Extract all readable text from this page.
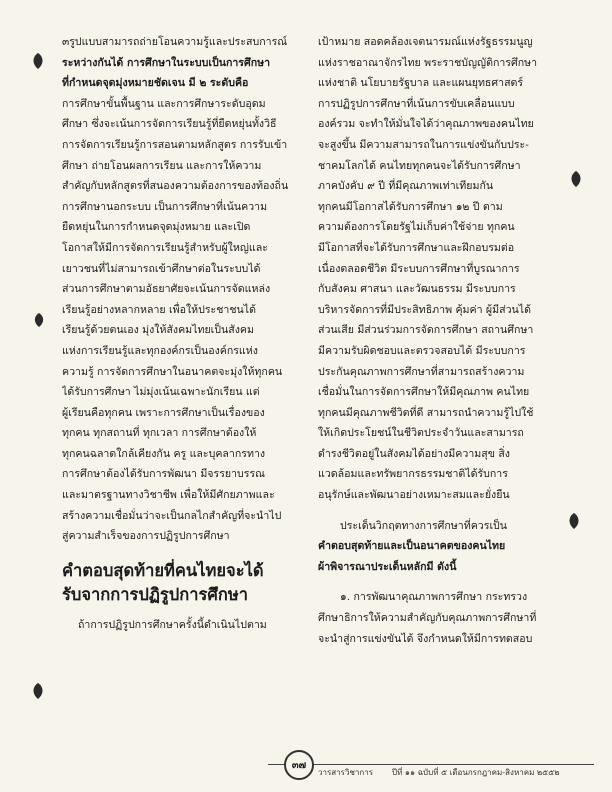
๓รูปแบบสามารถถ่ายโอนความรู้และประสบการณ์
ระหว่างกันได้ การศึกษาในระบบเป็นการศึกษา
ที่กำหนดจุดมุ่งหมายชัดเจน มี ๒ ระดับคือ
การศึกษาขั้นพื้นฐาน และการศึกษาระดับอุดม
ศึกษา ซึ่งจะเน้นการจัดการเรียนรู้ที่ยืดหยุ่นทั้งวิธี
การจัดการเรียนรู้การสอนตามหลักสูตร การรับเข้า
ศึกษา ถ่ายโอนผลการเรียน และการให้ความ
สำคัญกับหลักสูตรที่สนองความต้องการของท้องถิ่น
การศึกษานอกระบบ เป็นการศึกษาที่เน้นความ
ยืดหยุ่นในการกำหนดจุดมุ่งหมาย และเปิด
โอกาสให้มีการจัดการเรียนรู้สำหรับผู้ใหญ่และ
เยาวชนที่ไม่สามารถเข้าศึกษาต่อในระบบได้
ส่วนการศึกษาตามอัธยาศัยจะเน้นการจัดแหล่ง
เรียนรู้อย่างหลากหลาย เพื่อให้ประชาชนได้
เรียนรู้ด้วยตนเอง มุ่งให้สังคมไทยเป็นสังคม
แห่งการเรียนรู้และทุกองค์กรเป็นองค์กรแห่ง
ความรู้ การจัดการศึกษาในอนาคตจะมุ่งให้ทุกคน
ได้รับการศึกษา ไม่มุ่งเน้นเฉพาะนักเรียน แต่
ผู้เรียนคือทุกคน เพราะการศึกษาเป็นเรื่องของ
ทุกคน ทุกสถานที่ ทุกเวลา การศึกษาต้องให้
ทุกคนฉลาดใกล้เคียงกัน ครู และบุคลากรทาง
การศึกษาต้องได้รับการพัฒนา มีจรรยาบรรณ
และมาตรฐานทางวิชาชีพ เพื่อให้มีศักยภาพและ
สร้างความเชื่อมั่นว่าจะเป็นกลไกสำคัญที่จะนำไป
สู่ความสำเร็จของการปฏิรูปการศึกษา
คำตอบสุดท้ายที่คนไทยจะได้
รับจากการปฏิรูปการศึกษา
ถ้าการปฏิรูปการศึกษาครั้งนี้ดำเนินไปตาม
เป้าหมาย สอดคล้องเจตนารมณ์แห่งรัฐธรรมนูญ
แห่งราชอาณาจักรไทย พระราชบัญญัติการศึกษา
แห่งชาติ นโยบายรัฐบาล และแผนยุทธศาสตร์
การปฏิรูปการศึกษาที่เน้นการขับเคลื่อนแบบ
องค์รวม จะทำให้มั่นใจได้ว่าคุณภาพของคนไทย
จะสูงขึ้น มีความสามารถในการแข่งขันกับประ-
ชาคมโลกได้ คนไทยทุกคนจะได้รับการศึกษา
ภาคบังคับ ๙ ปี ที่มีคุณภาพเท่าเทียมกัน
ทุกคนมีโอกาสได้รับการศึกษา ๑๒ ปี ตาม
ความต้องการโดยรัฐไม่เก็บค่าใช้จ่าย ทุกคน
มีโอกาสที่จะได้รับการศึกษาและฝึกอบรมต่อ
เนื่องตลอดชีวิต มีระบบการศึกษาที่บูรณาการ
กับสังคม ศาสนา และวัฒนธรรม มีระบบการ
บริหารจัดการที่มีประสิทธิภาพ คุ้มค่า ผู้มีส่วนได้
ส่วนเสีย มีส่วนร่วมการจัดการศึกษา สถานศึกษา
มีความรับผิดชอบและตรวจสอบได้ มีระบบการ
ประกันคุณภาพการศึกษาที่สามารถสร้างความ
เชื่อมั่นในการจัดการศึกษาให้มีคุณภาพ คนไทย
ทุกคนมีคุณภาพชีวิตที่ดี สามารถนำความรู้ไปใช้
ให้เกิดประโยชน์ในชีวิตประจำวันและสามารถ
ดำรงชีวิตอยู่ในสังคมได้อย่างมีความสุข สิ่ง
แวดล้อมและทรัพยากรธรรมชาติได้รับการ
อนุรักษ์และพัฒนาอย่างเหมาะสมและยั่งยืน
ประเด็นวิกฤตทางการศึกษาที่ควรเป็น
คำตอบสุดท้ายและเป็นอนาคตของคนไทย
ผ้าพิจารณาประเด็นหลักมี ดังนี้
๑. การพัฒนาคุณภาพการศึกษา กระทรวง
ศึกษาธิการให้ความสำคัญกับคุณภาพการศึกษาที่
จะนำสู่การแข่งขันได้ จึงกำหนดให้มีการทดสอบ
๓๗
วารสารวิชาการ ปีที่ ๑๑ ฉบับที่ ๕ เดือนกรกฎาคม-สิงหาคม ๒๕๕๒
